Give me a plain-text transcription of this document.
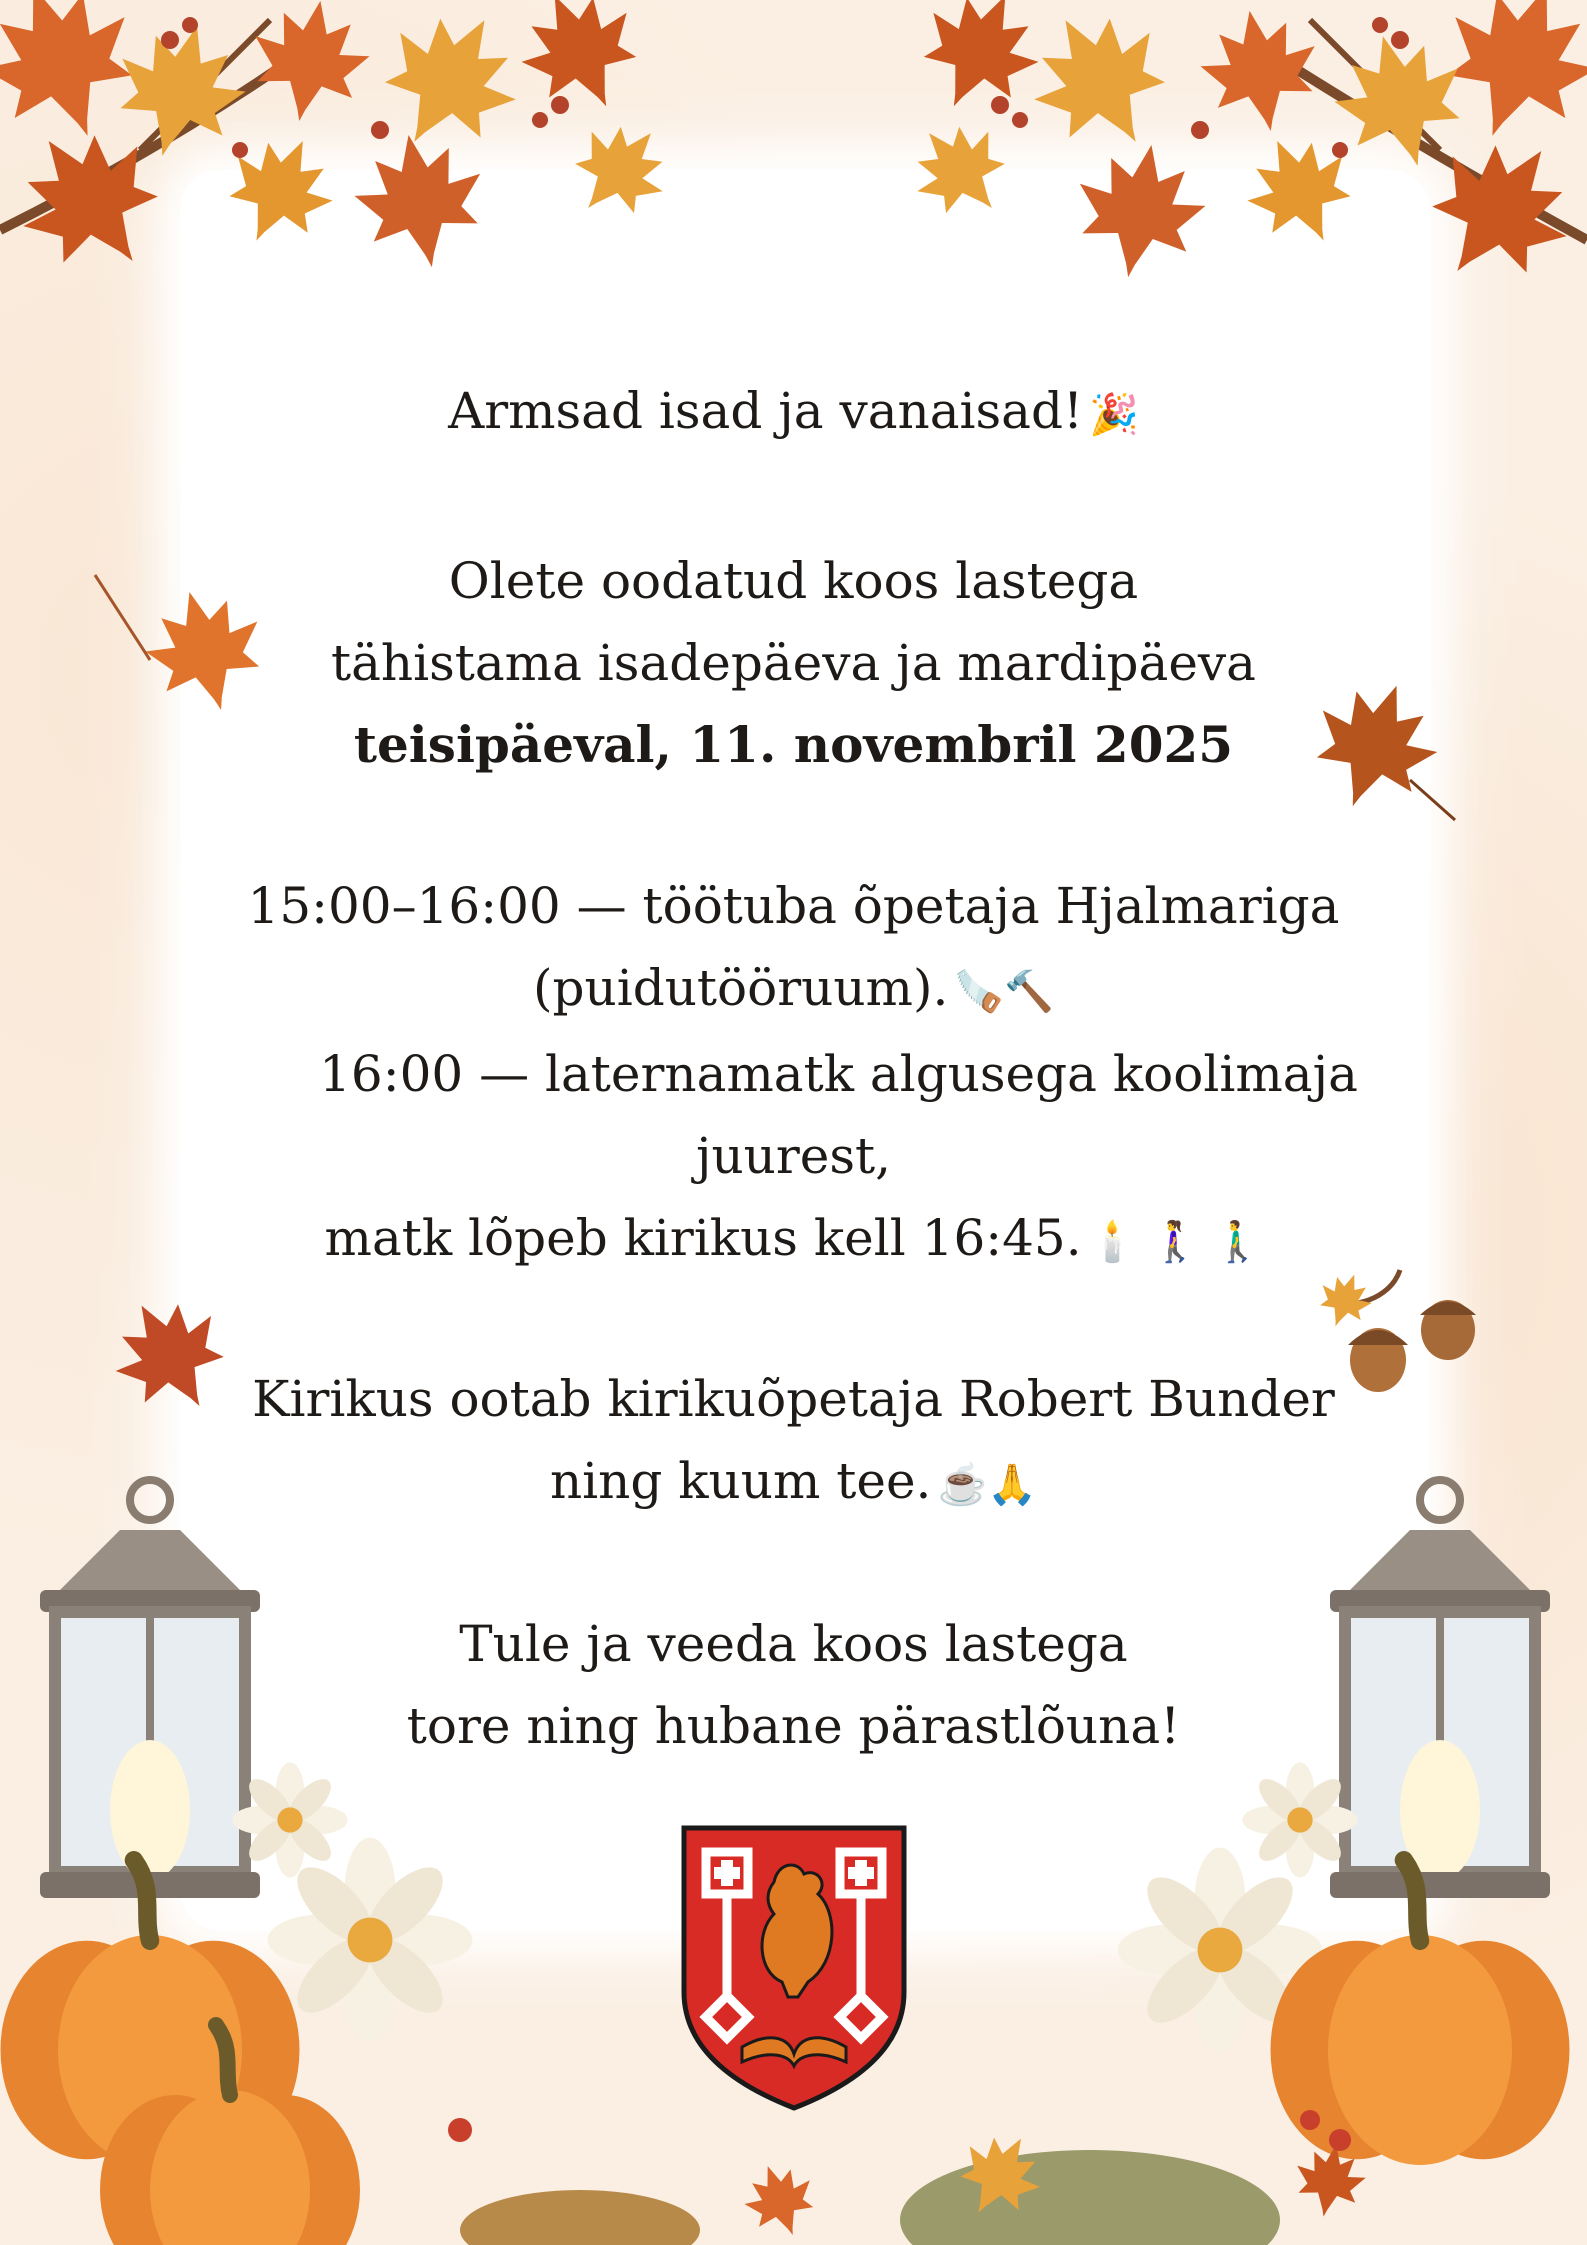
Armsad isad ja vanaisad! 🎉
Olete oodatud koos lastega
tähistama isadepäeva ja mardipäeva
teisipäeval, 11. novembril 2025
15:00–16:00 — töötuba õpetaja Hjalmariga
(puidutööruum). 🪚🔨
16:00 — laternamatk algusega koolimaja
juurest,
matk lõpeb kirikus kell 16:45. 🕯️ 🚶‍♀️ 🚶‍♂️
Kirikus ootab kirikuõpetaja Robert Bunder
ning kuum tee. ☕🙏
Tule ja veeda koos lastega
tore ning hubane pärastlõuna!
